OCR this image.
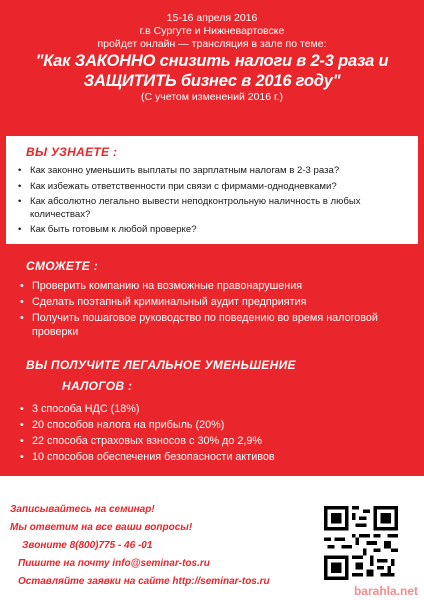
15-16 апреля 2016
г.в Сургуте и Нижневартовске
пройдет онлайн — трансляция в зале по теме:
"Как ЗАКОННО снизить налоги в 2-3 раза и
ЗАЩИТИТЬ бизнес в 2016 году"
(С учетом изменений 2016 г.)
ВЫ УЗНАЕТЕ :
• Как законно уменьшить выплаты по зарплатным налогам в 2-3 раза?
• Как избежать ответственности при связи с фирмами-однодневками?
• Как абсолютно легально вывести неподконтрольную наличность в любых количествах?
• Как быть готовым к любой проверке?
СМОЖЕТЕ :
• Проверить компанию на возможные правонарушения
• Сделать поэтапный криминальный аудит предприятия
• Получить пошаговое руководство по поведению во время налоговой проверки
ВЫ ПОЛУЧИТЕ ЛЕГАЛЬНОЕ УМЕНЬШЕНИЕ
НАЛОГОВ :
• 3 способа НДС (18%)
• 20 способов налога на прибыль (20%)
• 22 способа страховых взносов с 30% до 2,9%
• 10 способов обеспечения безопасности активов
Записывайтесь на семинар!
Мы ответим на все ваши вопросы!
Звоните 8(800)775 - 46 -01
Пишите на почту info@seminar-tos.ru
Оставляйте заявки на сайте http://seminar-tos.ru
barahla.net
